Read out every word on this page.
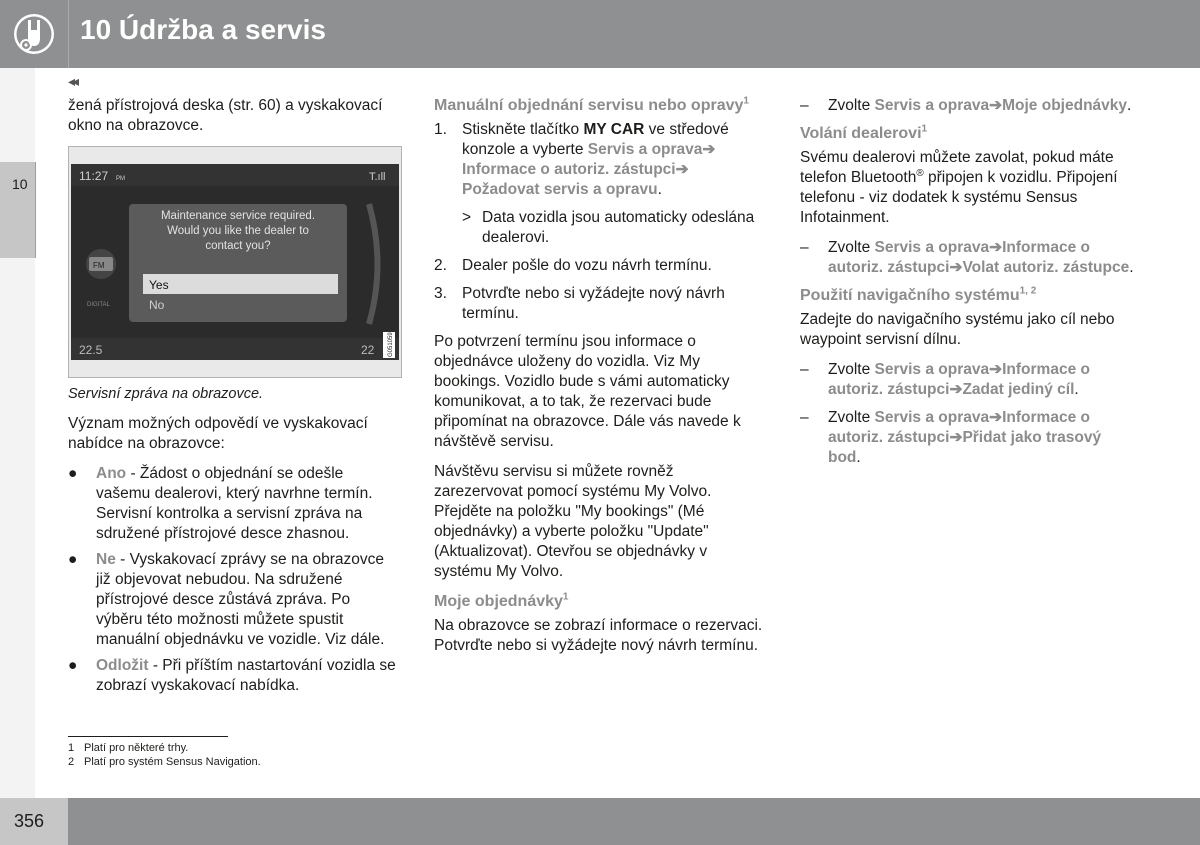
10 Údržba a servis
10
◂◂

žená přístrojová deska (str. 60) a vyskakovací okno na obrazovce.

11:27 PM	T.ıll
Maintenance service required.
Would you like the dealer to
contact you?
Yes
No
FM
DIGITAL
22.5	22 G051059

Servisní zpráva na obrazovce.

Význam možných odpovědí ve vyskakovací nabídce na obrazovce:

● Ano - Žádost o objednání se odešle vašemu dealerovi, který navrhne termín. Servisní kontrolka a servisní zpráva na sdružené přístrojové desce zhasnou.
● Ne - Vyskakovací zprávy se na obrazovce již objevovat nebudou. Na sdružené přístrojové desce zůstává zpráva. Po výběru této možnosti můžete spustit manuální objednávku ve vozidle. Viz dále.
● Odložit - Při příštím nastartování vozidla se zobrazí vyskakovací nabídka.

Manuální objednání servisu nebo opravy$^1$

1. Stiskněte tlačítko MY CAR ve středové konzole a vyberte Servis a oprava➔
Informace o autoriz. zástupci➔
Požadovat servis a opravu.
> Data vozidla jsou automaticky odeslána dealerovi.
2. Dealer pošle do vozu návrh termínu.
3. Potvrďte nebo si vyžádejte nový návrh termínu.

Po potvrzení termínu jsou informace o objednávce uloženy do vozidla. Viz My bookings. Vozidlo bude s vámi automaticky komunikovat, a to tak, že rezervaci bude připomínat na obrazovce. Dále vás navede k návštěvě servisu.

Návštěvu servisu si můžete rovněž zarezervovat pomocí systému My Volvo. Přejděte na položku "My bookings" (Mé objednávky) a vyberte položku "Update" (Aktualizovat). Otevřou se objednávky v systému My Volvo.

Moje objednávky$^1$

Na obrazovce se zobrazí informace o rezervaci. Potvrďte nebo si vyžádejte nový návrh termínu.

– Zvolte Servis a oprava➔Moje objednávky.

Volání dealerovi$^1$

Svému dealerovi můžete zavolat, pokud máte telefon Bluetooth® připojen k vozidlu. Připojení telefonu - viz dodatek k systému Sensus Infotainment.

– Zvolte Servis a oprava➔Informace o autoriz. zástupci➔Volat autoriz. zástupce.

Použití navigačního systému$^{1, 2}$

Zadejte do navigačního systému jako cíl nebo waypoint servisní dílnu.

– Zvolte Servis a oprava➔Informace o autoriz. zástupci➔Zadat jediný cíl.
– Zvolte Servis a oprava➔Informace o autoriz. zástupci➔Přidat jako trasový bod.
1 Platí pro některé trhy.
2 Platí pro systém Sensus Navigation.
356
